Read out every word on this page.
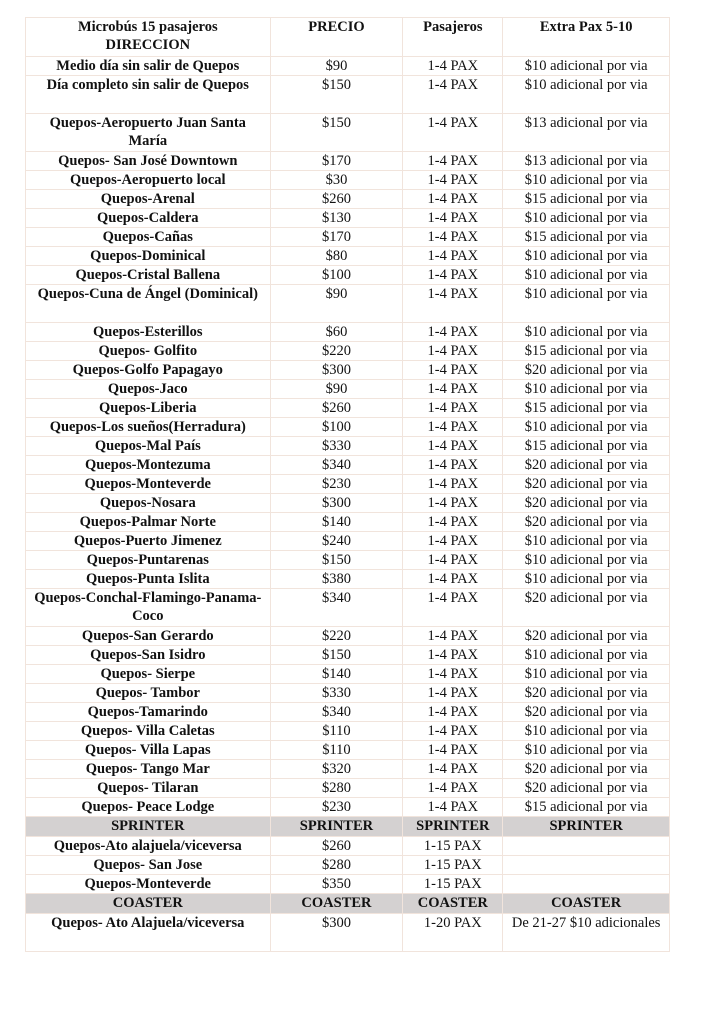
Microbús 15 pasajeros
DIRECCION	PRECIO	Pasajeros	Extra Pax 5-10
Medio día sin salir de Quepos	$90	1-4 PAX	$10 adicional por via
Día completo sin salir de Quepos	$150	1-4 PAX	$10 adicional por via
Quepos-Aeropuerto Juan Santa María	$150	1-4 PAX	$13 adicional por via
Quepos- San José Downtown	$170	1-4 PAX	$13 adicional por via
Quepos-Aeropuerto local	$30	1-4 PAX	$10 adicional por via
Quepos-Arenal	$260	1-4 PAX	$15 adicional por via
Quepos-Caldera	$130	1-4 PAX	$10 adicional por via
Quepos-Cañas	$170	1-4 PAX	$15 adicional por via
Quepos-Dominical	$80	1-4 PAX	$10 adicional por via
Quepos-Cristal Ballena	$100	1-4 PAX	$10 adicional por via
Quepos-Cuna de Ángel (Dominical)	$90	1-4 PAX	$10 adicional por via
Quepos-Esterillos	$60	1-4 PAX	$10 adicional por via
Quepos- Golfito	$220	1-4 PAX	$15 adicional por via
Quepos-Golfo Papagayo	$300	1-4 PAX	$20 adicional por via
Quepos-Jaco	$90	1-4 PAX	$10 adicional por via
Quepos-Liberia	$260	1-4 PAX	$15 adicional por via
Quepos-Los sueños(Herradura)	$100	1-4 PAX	$10 adicional por via
Quepos-Mal País	$330	1-4 PAX	$15 adicional por via
Quepos-Montezuma	$340	1-4 PAX	$20 adicional por via
Quepos-Monteverde	$230	1-4 PAX	$20 adicional por via
Quepos-Nosara	$300	1-4 PAX	$20 adicional por via
Quepos-Palmar Norte	$140	1-4 PAX	$20 adicional por via
Quepos-Puerto Jimenez	$240	1-4 PAX	$10 adicional por via
Quepos-Puntarenas	$150	1-4 PAX	$10 adicional por via
Quepos-Punta Islita	$380	1-4 PAX	$10 adicional por via
Quepos-Conchal-Flamingo-Panama- Coco	$340	1-4 PAX	$20 adicional por via
Quepos-San Gerardo	$220	1-4 PAX	$20 adicional por via
Quepos-San Isidro	$150	1-4 PAX	$10 adicional por via
Quepos- Sierpe	$140	1-4 PAX	$10 adicional por via
Quepos- Tambor	$330	1-4 PAX	$20 adicional por via
Quepos-Tamarindo	$340	1-4 PAX	$20 adicional por via
Quepos- Villa Caletas	$110	1-4 PAX	$10 adicional por via
Quepos- Villa Lapas	$110	1-4 PAX	$10 adicional por via
Quepos- Tango Mar	$320	1-4 PAX	$20 adicional por via
Quepos- Tilaran	$280	1-4 PAX	$20 adicional por via
Quepos- Peace Lodge	$230	1-4 PAX	$15 adicional por via
SPRINTER	SPRINTER	SPRINTER	SPRINTER
Quepos-Ato alajuela/viceversa	$260	1-15 PAX	
Quepos- San Jose	$280	1-15 PAX	
Quepos-Monteverde	$350	1-15 PAX	
COASTER	COASTER	COASTER	COASTER
Quepos- Ato Alajuela/viceversa	$300	1-20 PAX	De 21-27 $10 adicionales
